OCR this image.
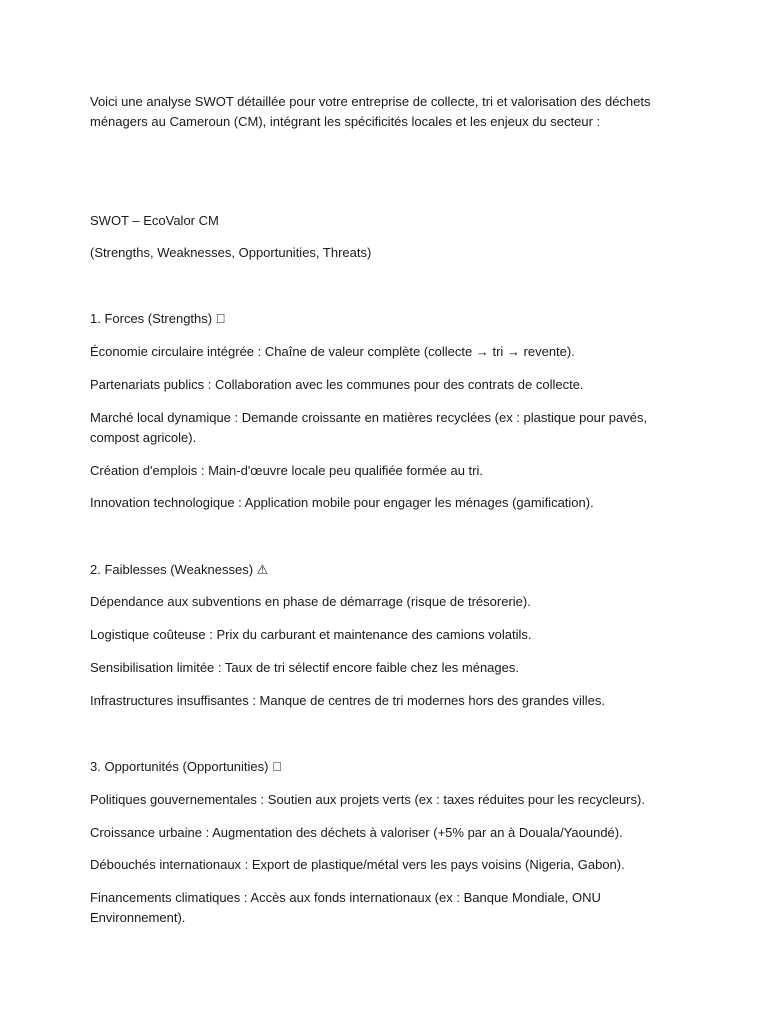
Voici une analyse SWOT détaillée pour votre entreprise de collecte, tri et valorisation des déchets

ménagers au Cameroun (CM), intégrant les spécificités locales et les enjeux du secteur :

SWOT – EcoValor CM

(Strengths, Weaknesses, Opportunities, Threats)

1. Forces (Strengths)  

Économie circulaire intégrée : Chaîne de valeur complète (collecte → tri → revente).

Partenariats publics : Collaboration avec les communes pour des contrats de collecte.

Marché local dynamique : Demande croissante en matières recyclées (ex : plastique pour pavés,

compost agricole).

Création d'emplois : Main-d'œuvre locale peu qualifiée formée au tri.

Innovation technologique : Application mobile pour engager les ménages (gamification).

2. Faiblesses (Weaknesses) ⚠

Dépendance aux subventions en phase de démarrage (risque de trésorerie).

Logistique coûteuse : Prix du carburant et maintenance des camions volatils.

Sensibilisation limitée : Taux de tri sélectif encore faible chez les ménages.

Infrastructures insuffisantes : Manque de centres de tri modernes hors des grandes villes.

3. Opportunités (Opportunities)  

Politiques gouvernementales : Soutien aux projets verts (ex : taxes réduites pour les recycleurs).

Croissance urbaine : Augmentation des déchets à valoriser (+5% par an à Douala/Yaoundé).

Débouchés internationaux : Export de plastique/métal vers les pays voisins (Nigeria, Gabon).

Financements climatiques : Accès aux fonds internationaux (ex : Banque Mondiale, ONU

Environnement).
